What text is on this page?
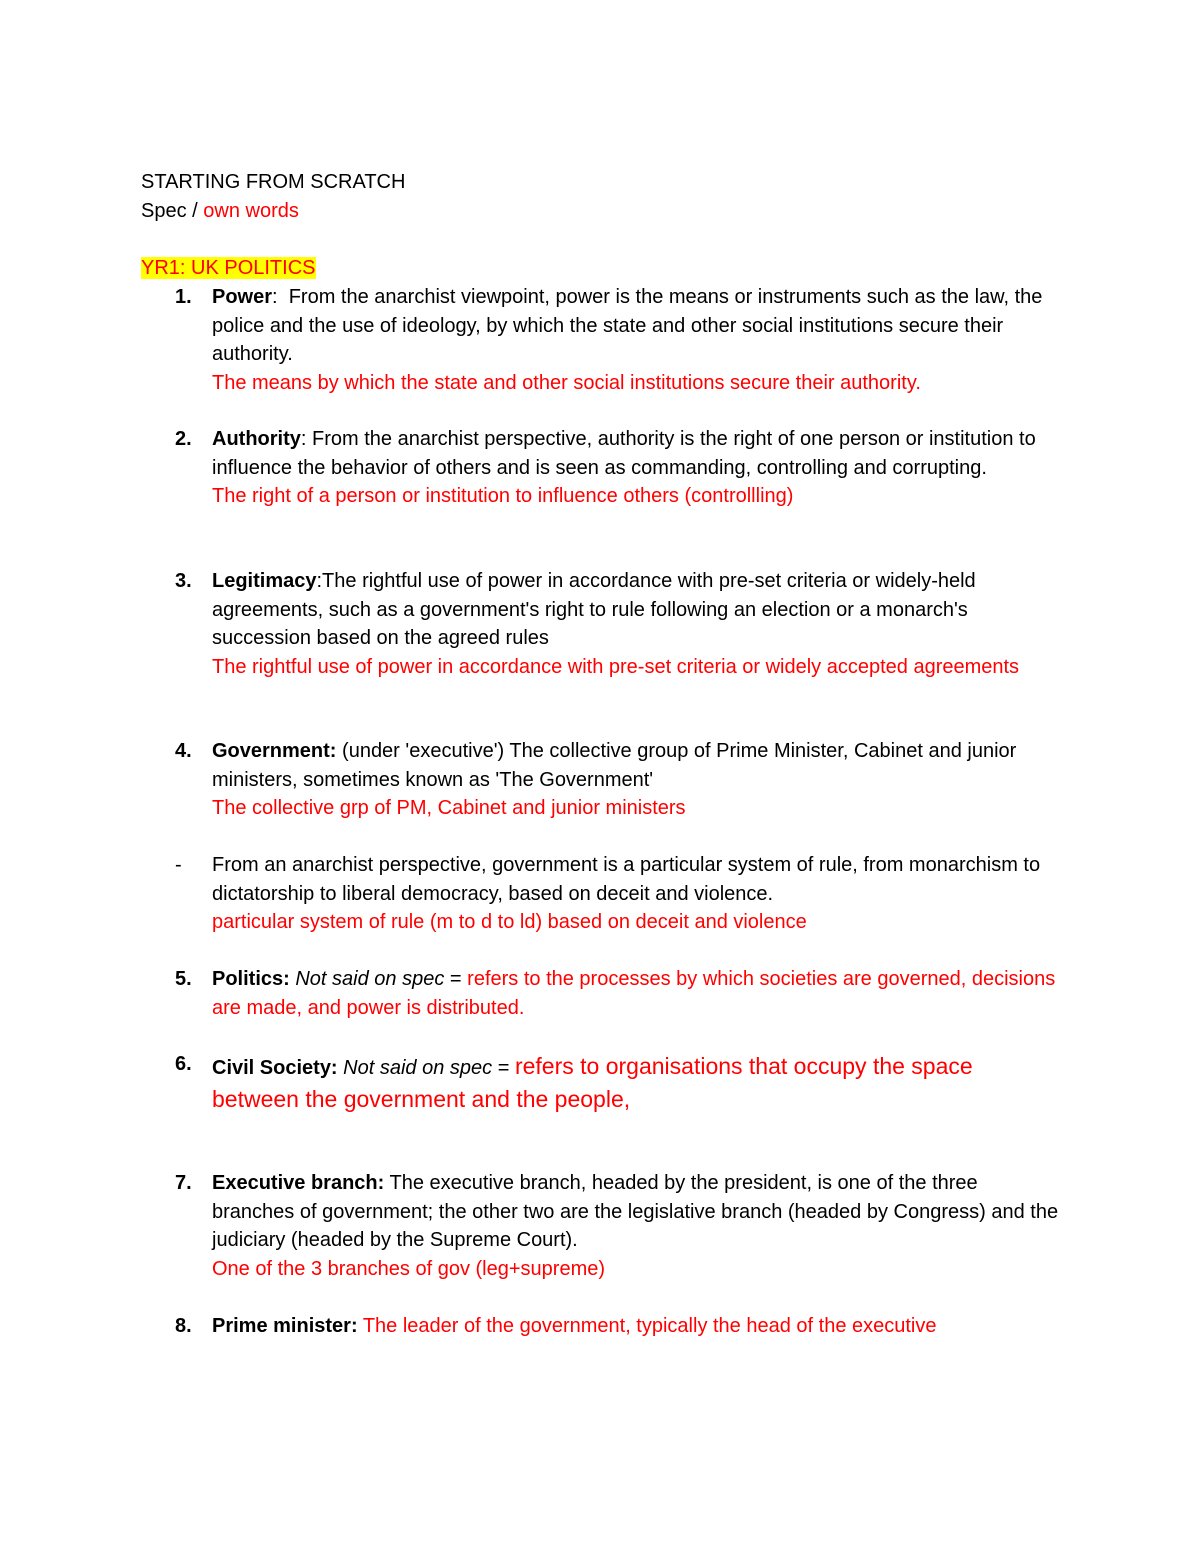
STARTING FROM SCRATCH
Spec / own words
YR1: UK POLITICS
1. Power: From the anarchist viewpoint, power is the means or instruments such as the law, the police and the use of ideology, by which the state and other social institutions secure their authority.
The means by which the state and other social institutions secure their authority.
2. Authority: From the anarchist perspective, authority is the right of one person or institution to influence the behavior of others and is seen as commanding, controlling and corrupting.
The right of a person or institution to influence others (controllling)
3. Legitimacy:The rightful use of power in accordance with pre-set criteria or widely-held agreements, such as a government's right to rule following an election or a monarch's succession based on the agreed rules
The rightful use of power in accordance with pre-set criteria or widely accepted agreements
4. Government: (under 'executive') The collective group of Prime Minister, Cabinet and junior ministers, sometimes known as 'The Government'
The collective grp of PM, Cabinet and junior ministers
- From an anarchist perspective, government is a particular system of rule, from monarchism to dictatorship to liberal democracy, based on deceit and violence.
particular system of rule (m to d to ld) based on deceit and violence
5. Politics: Not said on spec = refers to the processes by which societies are governed, decisions are made, and power is distributed.
6. Civil Society: Not said on spec = refers to organisations that occupy the space between the government and the people,
7. Executive branch: The executive branch, headed by the president, is one of the three branches of government; the other two are the legislative branch (headed by Congress) and the judiciary (headed by the Supreme Court).
One of the 3 branches of gov (leg+supreme)
8. Prime minister: The leader of the government, typically the head of the executive
